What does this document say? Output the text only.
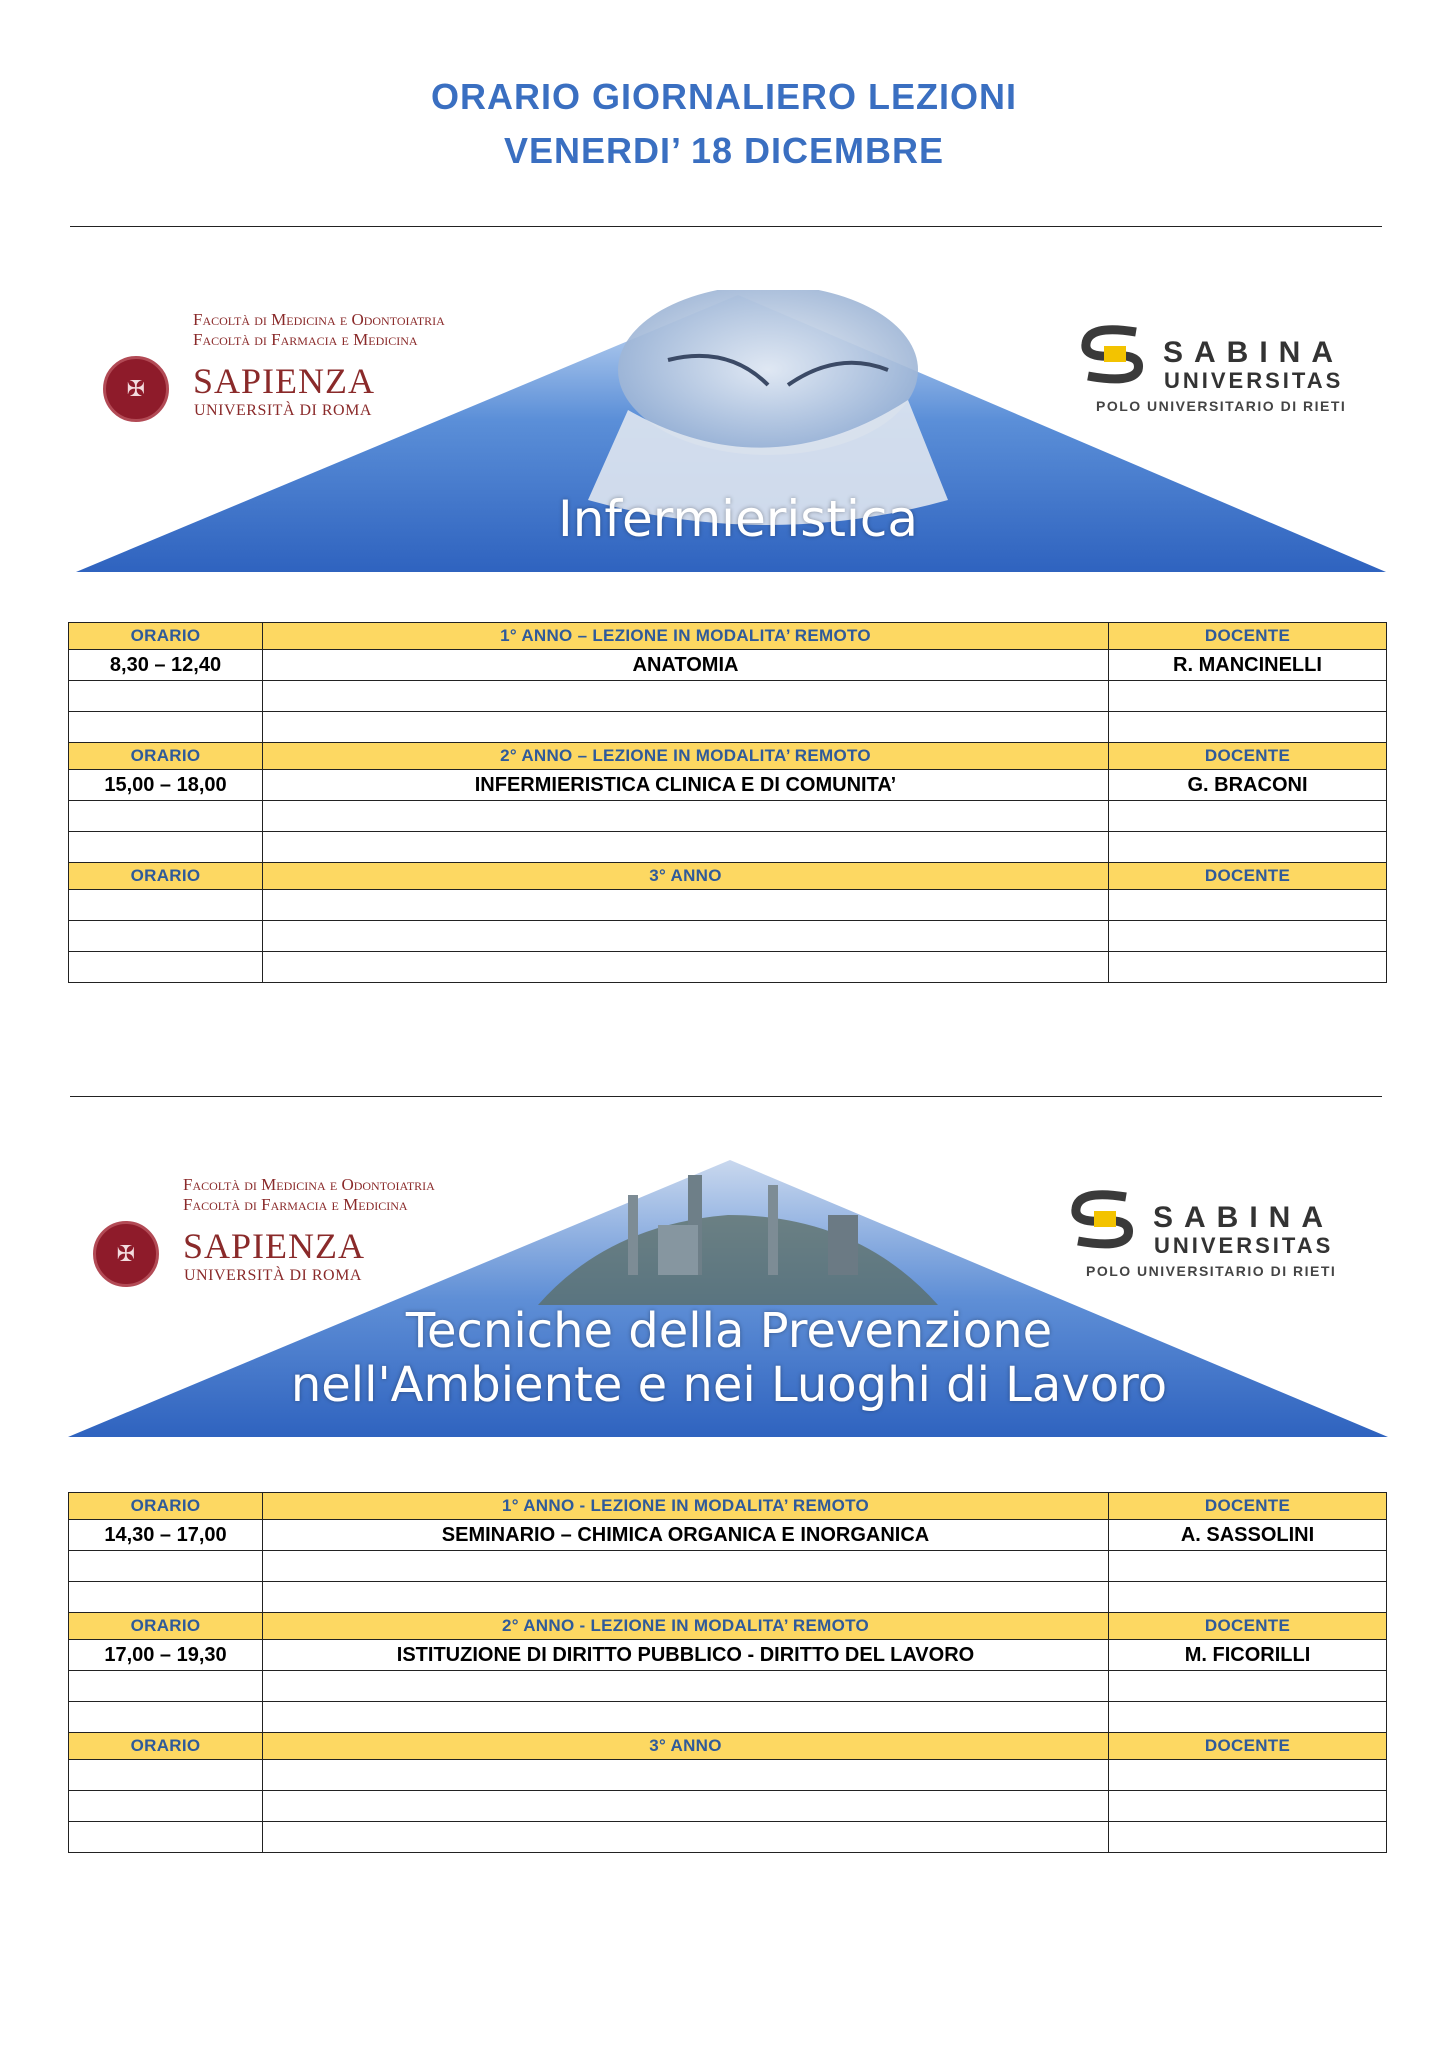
ORARIO GIORNALIERO LEZIONI
VENERDI’ 18 DICEMBRE
Facoltà di Medicina e Odontoiatria
Facoltà di Farmacia e Medicina
✠	SAPIENZA
UNIVERSITÀ DI ROMA
SABINA
UNIVERSITAS
POLO UNIVERSITARIO DI RIETI
Infermieristica
ORARIO	1° ANNO – LEZIONE IN MODALITA’ REMOTO	DOCENTE
8,30 – 12,40	ANATOMIA	R. MANCINELLI

ORARIO	2° ANNO – LEZIONE IN MODALITA’ REMOTO	DOCENTE
15,00 – 18,00	INFERMIERISTICA CLINICA E DI COMUNITA’	G. BRACONI

ORARIO	3° ANNO	DOCENTE

Facoltà di Medicina e Odontoiatria
Facoltà di Farmacia e Medicina
✠	SAPIENZA
UNIVERSITÀ DI ROMA
SABINA
UNIVERSITAS
POLO UNIVERSITARIO DI RIETI
Tecniche della Prevenzione
nell'Ambiente e nei Luoghi di Lavoro
ORARIO	1° ANNO - LEZIONE IN MODALITA’ REMOTO	DOCENTE
14,30 – 17,00	SEMINARIO – CHIMICA ORGANICA E INORGANICA	A. SASSOLINI

ORARIO	2° ANNO - LEZIONE IN MODALITA’ REMOTO	DOCENTE
17,00 – 19,30	ISTITUZIONE DI DIRITTO PUBBLICO - DIRITTO DEL LAVORO	M. FICORILLI

ORARIO	3° ANNO	DOCENTE
